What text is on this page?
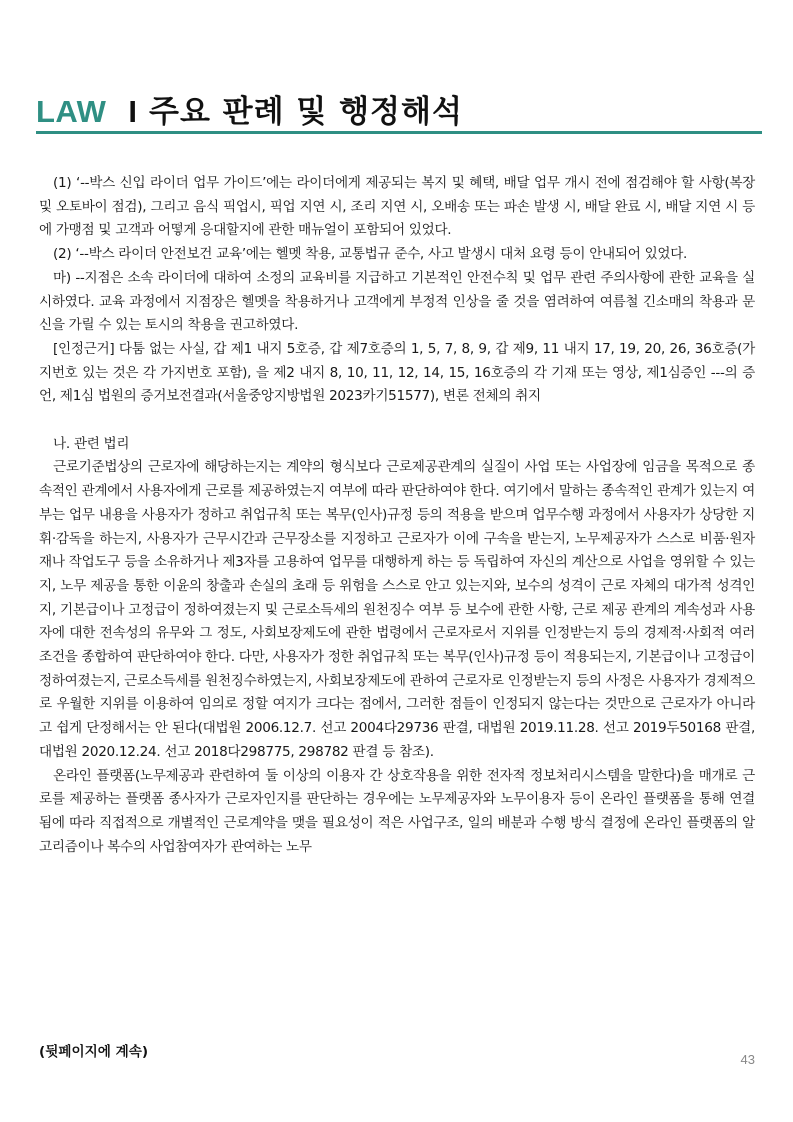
LAW I 주요 판례 및 행정해석

(1) ‘--박스 신입 라이더 업무 가이드’에는 라이더에게 제공되는 복지 및 혜택, 배달 업무 개시 전에 점검해야 할 사항(복장 및 오토바이 점검), 그리고 음식 픽업시, 픽업 지연 시, 조리 지연 시, 오배송 또는 파손 발생 시, 배달 완료 시, 배달 지연 시 등에 가맹점 및 고객과 어떻게 응대할지에 관한 매뉴얼이 포함되어 있었다.

(2) ‘--박스 라이더 안전보건 교육’에는 헬멧 착용, 교통법규 준수, 사고 발생시 대처 요령 등이 안내되어 있었다.

마) --지점은 소속 라이더에 대하여 소정의 교육비를 지급하고 기본적인 안전수칙 및 업무 관련 주의사항에 관한 교육을 실시하였다. 교육 과정에서 지점장은 헬멧을 착용하거나 고객에게 부정적 인상을 줄 것을 염려하여 여름철 긴소매의 착용과 문신을 가릴 수 있는 토시의 착용을 권고하였다.

[인정근거] 다툼 없는 사실, 갑 제1 내지 5호증, 갑 제7호증의 1, 5, 7, 8, 9, 갑 제9, 11 내지 17, 19, 20, 26, 36호증(가지번호 있는 것은 각 가지번호 포함), 을 제2 내지 8, 10, 11, 12, 14, 15, 16호증의 각 기재 또는 영상, 제1심증인 ---의 증언, 제1심 법원의 증거보전결과(서울중앙지방법원 2023카기51577), 변론 전체의 취지

나. 관련 법리

근로기준법상의 근로자에 해당하는지는 계약의 형식보다 근로제공관계의 실질이 사업 또는 사업장에 임금을 목적으로 종속적인 관계에서 사용자에게 근로를 제공하였는지 여부에 따라 판단하여야 한다. 여기에서 말하는 종속적인 관계가 있는지 여부는 업무 내용을 사용자가 정하고 취업규칙 또는 복무(인사)규정 등의 적용을 받으며 업무수행 과정에서 사용자가 상당한 지휘·감독을 하는지, 사용자가 근무시간과 근무장소를 지정하고 근로자가 이에 구속을 받는지, 노무제공자가 스스로 비품·원자재나 작업도구 등을 소유하거나 제3자를 고용하여 업무를 대행하게 하는 등 독립하여 자신의 계산으로 사업을 영위할 수 있는지, 노무 제공을 통한 이윤의 창출과 손실의 초래 등 위험을 스스로 안고 있는지와, 보수의 성격이 근로 자체의 대가적 성격인지, 기본급이나 고정급이 정하여졌는지 및 근로소득세의 원천징수 여부 등 보수에 관한 사항, 근로 제공 관계의 계속성과 사용자에 대한 전속성의 유무와 그 정도, 사회보장제도에 관한 법령에서 근로자로서 지위를 인정받는지 등의 경제적·사회적 여러 조건을 종합하여 판단하여야 한다. 다만, 사용자가 정한 취업규칙 또는 복무(인사)규정 등이 적용되는지, 기본급이나 고정급이 정하여졌는지, 근로소득세를 원천징수하였는지, 사회보장제도에 관하여 근로자로 인정받는지 등의 사정은 사용자가 경제적으로 우월한 지위를 이용하여 임의로 정할 여지가 크다는 점에서, 그러한 점들이 인정되지 않는다는 것만으로 근로자가 아니라고 쉽게 단정해서는 안 된다(대법원 2006.12.7. 선고 2004다29736 판결, 대법원 2019.11.28. 선고 2019두50168 판결, 대법원 2020.12.24. 선고 2018다298775, 298782 판결 등 참조).

온라인 플랫폼(노무제공과 관련하여 둘 이상의 이용자 간 상호작용을 위한 전자적 정보처리시스템을 말한다)을 매개로 근로를 제공하는 플랫폼 종사자가 근로자인지를 판단하는 경우에는 노무제공자와 노무이용자 등이 온라인 플랫폼을 통해 연결됨에 따라 직접적으로 개별적인 근로계약을 맺을 필요성이 적은 사업구조, 일의 배분과 수행 방식 결정에 온라인 플랫폼의 알고리즘이나 복수의 사업참여자가 관여하는 노무

(뒷페이지에 계속)	43
